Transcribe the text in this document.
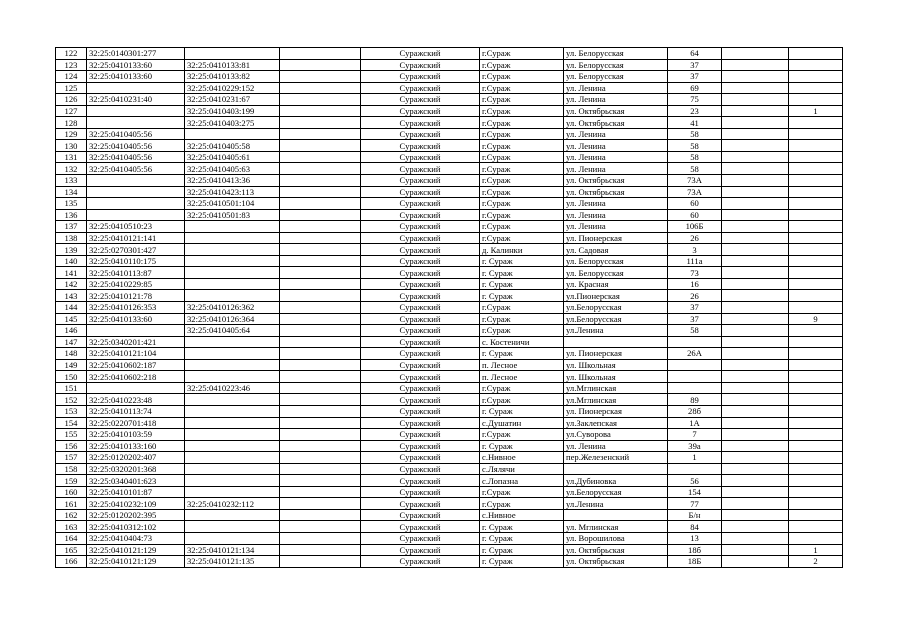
122	32:25:0140301:277			Суражский	г.Сураж	ул. Белорусская	64		
123	32:25:0410133:60	32:25:0410133:81		Суражский	г.Сураж	ул. Белорусская	37		
124	32:25:0410133:60	32:25:0410133:82		Суражский	г.Сураж	ул. Белорусская	37		
125		32:25:0410229:152		Суражский	г.Сураж	ул. Ленина	69		
126	32:25:0410231:40	32:25:0410231:67		Суражский	г.Сураж	ул. Ленина	75		
127		32:25:0410403:199		Суражский	г.Сураж	ул. Октябрьская	23		1
128		32:25:0410403:275		Суражский	г.Сураж	ул. Октябрьская	41		
129	32:25:0410405:56			Суражский	г.Сураж	ул. Ленина	58		
130	32:25:0410405:56	32:25:0410405:58		Суражский	г.Сураж	ул. Ленина	58		
131	32:25:0410405:56	32:25:0410405:61		Суражский	г.Сураж	ул. Ленина	58		
132	32:25:0410405:56	32:25:0410405:63		Суражский	г.Сураж	ул. Ленина	58		
133		32:25:0410413:36		Суражский	г.Сураж	ул. Октябрьская	73А		
134		32:25:0410423:113		Суражский	г.Сураж	ул. Октябрьская	73А		
135		32:25:0410501:104		Суражский	г.Сураж	ул. Ленина	60		
136		32:25:0410501:83		Суражский	г.Сураж	ул. Ленина	60		
137	32:25:0410510:23			Суражский	г.Сураж	ул. Ленина	106Б		
138	32:25:0410121:141			Суражский	г.Сураж	ул. Пионерская	26		
139	32:25:0270301:427			Суражский	д. Калинки	ул. Садовая	3		
140	32:25:0410110:175			Суражский	г. Сураж	ул. Белорусская	111а		
141	32:25:0410113:87			Суражский	г. Сураж	ул. Белорусская	73		
142	32:25:0410229:85			Суражский	г. Сураж	ул. Красная	16		
143	32:25:0410121:78			Суражский	г. Сураж	ул.Пионерская	26		
144	32:25:0410126:353	32:25:0410126:362		Суражский	г.Сураж	ул.Белорусская	37		
145	32:25:0410133:60	32:25:0410126:364		Суражский	г.Сураж	ул.Белорусская	37		9
146		32:25:0410405:64		Суражский	г.Сураж	ул.Ленина	58		
147	32:25:0340201:421			Суражский	с. Костеничи				
148	32:25:0410121:104			Суражский	г. Сураж	ул. Пионерская	26А		
149	32:25:0410602:187			Суражский	п. Лесное	ул. Школьная			
150	32:25:0410602:218			Суражский	п. Лесное	ул. Школьная			
151		32:25:0410223:46		Суражский	г.Сураж	ул.Мглинская			
152	32:25:0410223:48			Суражский	г.Сураж	ул.Мглинская	89		
153	32:25:0410113:74			Суражский	г. Сураж	ул. Пионерская	28б		
154	32:25:0220701:418			Суражский	с.Душатин	ул.Заклепская	1А		
155	32:25:0410103:59			Суражский	г.Сураж	ул.Суворова	7		
156	32:25:0410133:160			Суражский	г. Сураж	ул. Ленина	39а		
157	32:25:0120202:407			Суражский	с.Нивное	пер.Железенский	1		
158	32:25:0320201:368			Суражский	с.Лялячи				
159	32:25:0340401:623			Суражский	с.Лопазна	ул.Дубиновка	56		
160	32:25:0410101:87			Суражский	г.Сураж	ул.Белорусская	154		
161	32:25:0410232:109	32:25:0410232:112		Суражский	г.Сураж	ул.Ленина	77		
162	32:25:0120202:395			Суражский	с.Нивное		Б/н		
163	32:25:0410312:102			Суражский	г. Сураж	ул. Мглинская	84		
164	32:25:0410404:73			Суражский	г. Сураж	ул. Ворошилова	13		
165	32:25:0410121:129	32:25:0410121:134		Суражский	г. Сураж	ул. Октябрьская	18б		1
166	32:25:0410121:129	32:25:0410121:135		Суражский	г. Сураж	ул. Октябрьская	18Б		2
